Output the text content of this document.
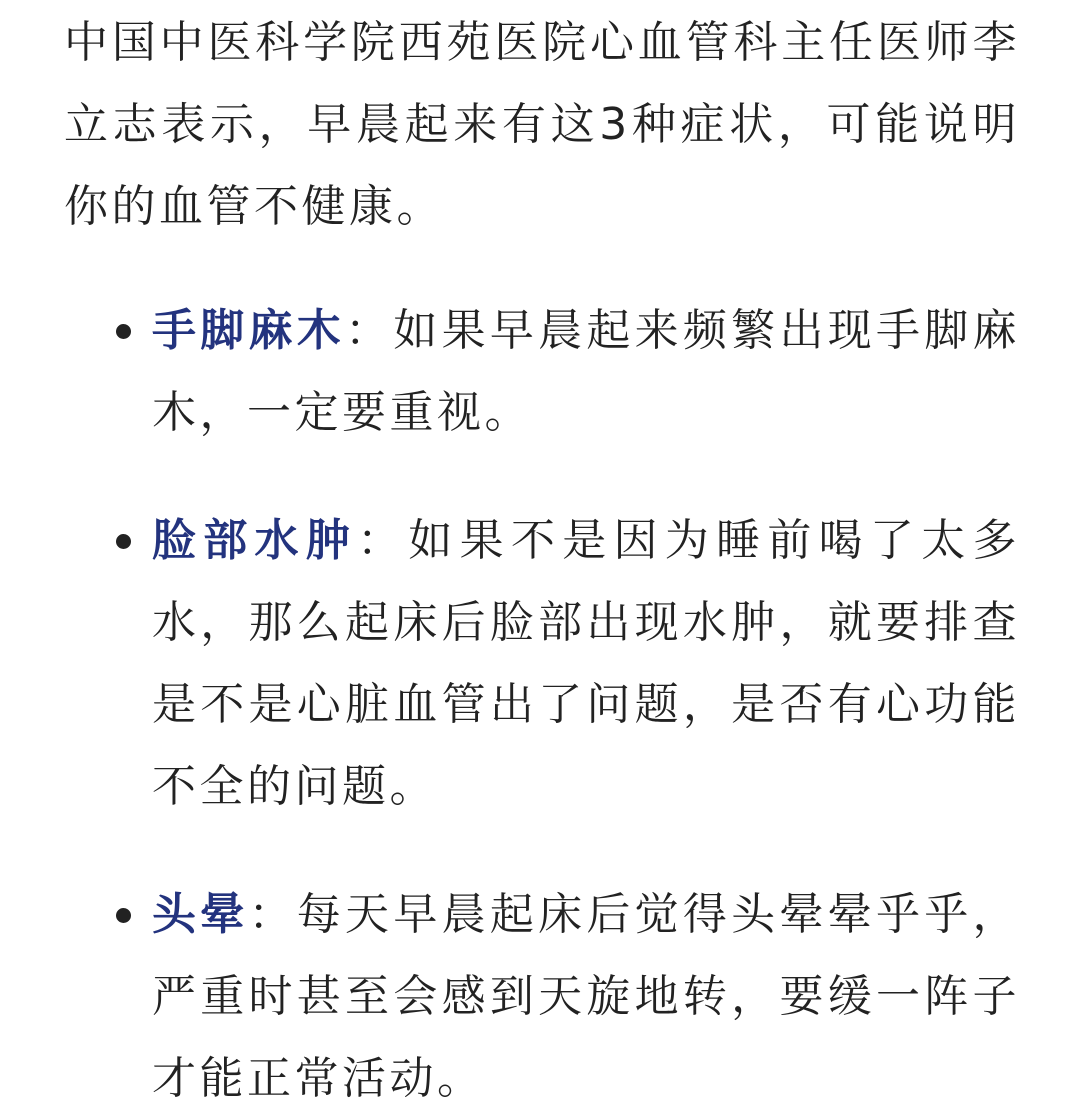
中国中医科学院西苑医院心血管科主任医师李立志表示，早晨起来有这3种症状，可能说明你的血管不健康。

手脚麻木：如果早晨起来频繁出现手脚麻木，一定要重视。
脸部水肿：如果不是因为睡前喝了太多水，那么起床后脸部出现水肿，就要排查是不是心脏血管出了问题，是否有心功能不全的问题。
头晕：每天早晨起床后觉得头晕晕乎乎，严重时甚至会感到天旋地转，要缓一阵子才能正常活动。
